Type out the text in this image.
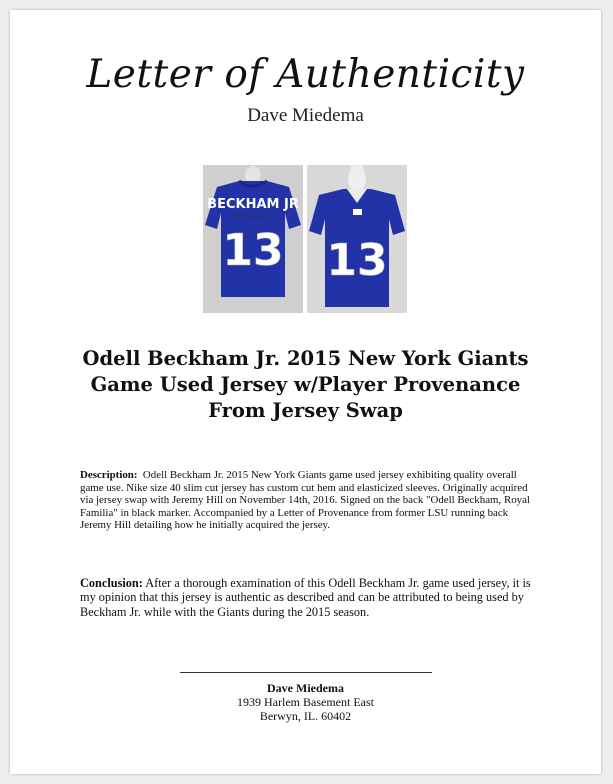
Letter of Authenticity
Dave Miedema
BECKHAM JR
13 13
Odell Beckham Jr. 2015 New York Giants Game Used Jersey w/Player Provenance From Jersey Swap
Description: Odell Beckham Jr. 2015 New York Giants game used jersey exhibiting quality overall game use. Nike size 40 slim cut jersey has custom cut hem and elasticized sleeves. Originally acquired via jersey swap with Jeremy Hill on November 14th, 2016. Signed on the back "Odell Beckham, Royal Familia" in black marker. Accompanied by a Letter of Provenance from former LSU running back Jeremy Hill detailing how he initially acquired the jersey.
Conclusion: After a thorough examination of this Odell Beckham Jr. game used jersey, it is my opinion that this jersey is authentic as described and can be attributed to being used by Beckham Jr. while with the Giants during the 2015 season.
Dave Miedema
1939 Harlem Basement East
Berwyn, IL. 60402
